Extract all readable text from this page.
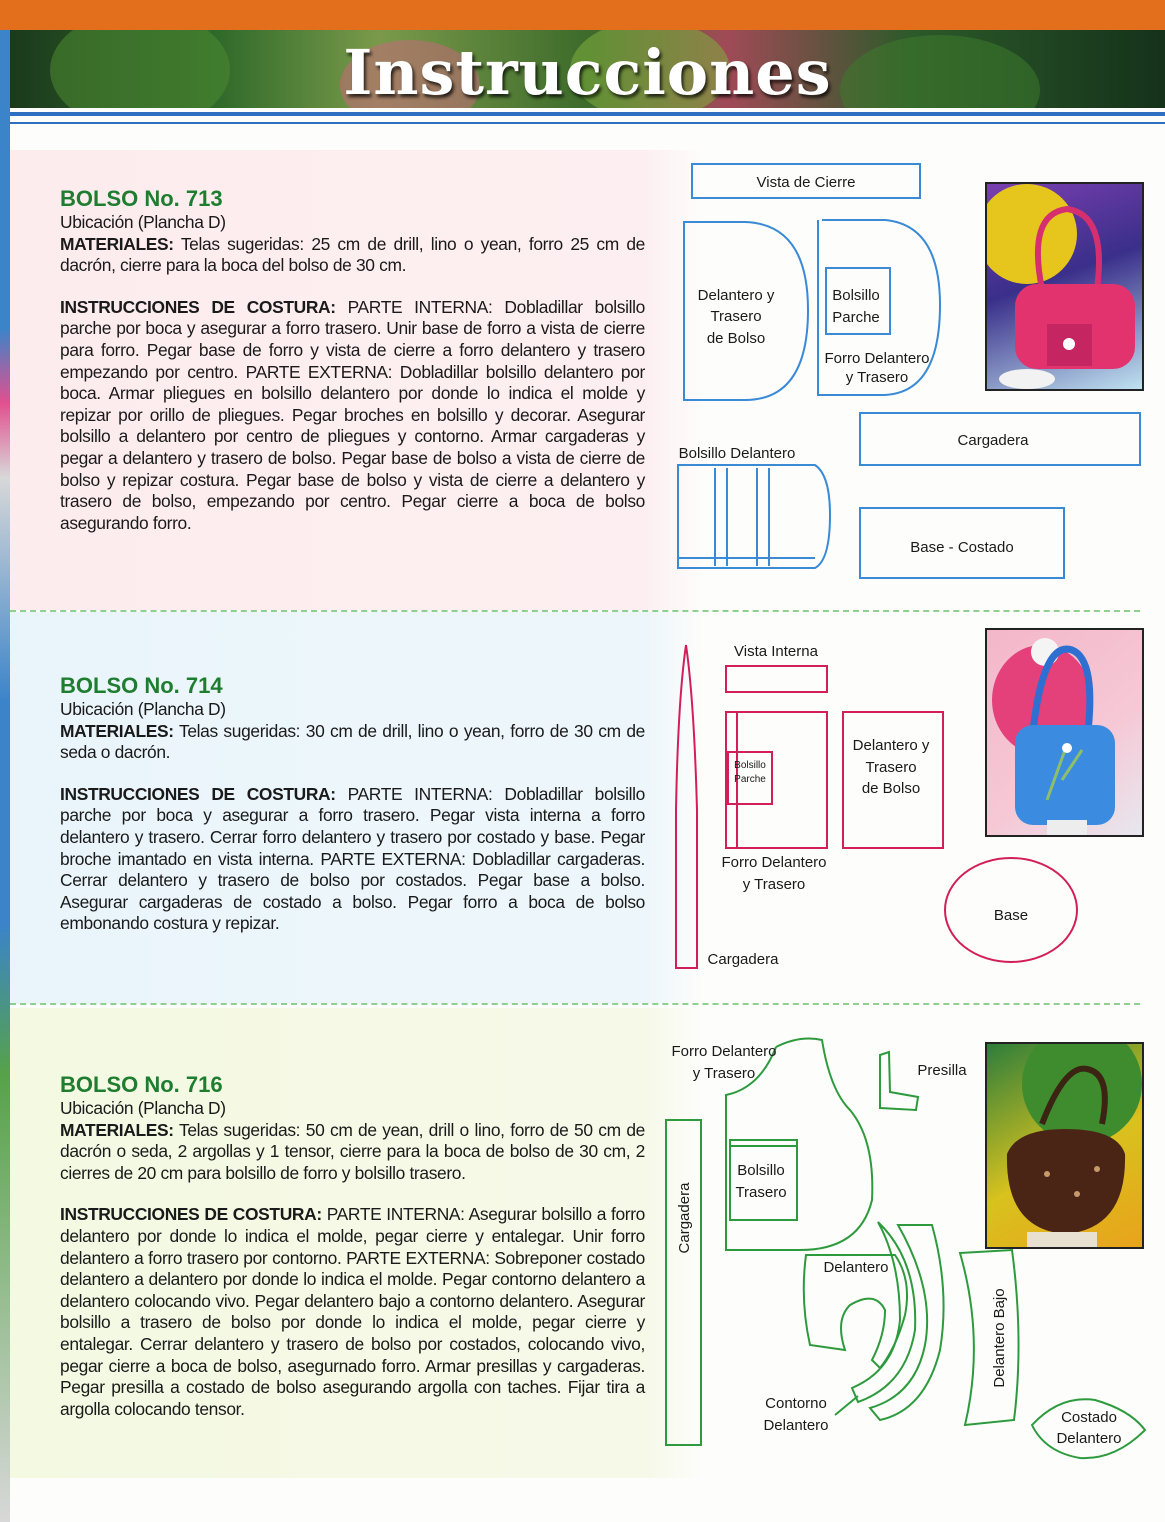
Instrucciones
BOLSO No. 713

Ubicación (Plancha D)

MATERIALES: Telas sugeridas: 25 cm de drill, lino o yean, forro 25 cm de dacrón, cierre para la boca del bolso de 30 cm.

INSTRUCCIONES DE COSTURA: PARTE INTERNA: Dobladillar bolsillo parche por boca y asegurar a forro trasero. Unir base de forro a vista de cierre para forro. Pegar base de forro y vista de cierre a forro delantero y trasero empezando por centro. PARTE EXTERNA: Dobladillar bolsillo delantero por boca. Armar pliegues en bolsillo delantero por donde lo indica el molde y repizar por orillo de pliegues. Pegar broches en bolsillo y decorar. Asegurar bolsillo a delantero por centro de pliegues y contorno. Armar cargaderas y pegar a delantero y trasero de bolso. Pegar base de bolso a vista de cierre de bolso y repizar costura. Pegar base de bolso y vista de cierre a delantero y trasero de bolso, empezando por centro. Pegar cierre a boca de bolso asegurando forro.

BOLSO No. 714

Ubicación (Plancha D)

MATERIALES: Telas sugeridas: 30 cm de drill, lino o yean, forro de 30 cm de seda o dacrón.

INSTRUCCIONES DE COSTURA: PARTE INTERNA: Dobladillar bolsillo parche por boca y asegurar a forro trasero. Pegar vista interna a forro delantero y trasero. Cerrar forro delantero y trasero por costado y base. Pegar broche imantado en vista interna. PARTE EXTERNA: Dobladillar cargaderas. Cerrar delantero y trasero de bolso por costados. Pegar base a bolso. Asegurar cargaderas de costado a bolso. Pegar forro a boca de bolso embonando costura y repizar.

BOLSO No. 716

Ubicación (Plancha D)

MATERIALES: Telas sugeridas: 50 cm de yean, drill o lino, forro de 50 cm de dacrón o seda, 2 argollas y 1 tensor, cierre para la boca de bolso de 30 cm, 2 cierres de 20 cm para bolsillo de forro y bolsillo trasero.

INSTRUCCIONES DE COSTURA: PARTE INTERNA: Asegurar bolsillo a forro delantero por donde lo indica el molde, pegar cierre y entalegar. Unir forro delantero a forro trasero por contorno. PARTE EXTERNA: Sobreponer costado delantero a delantero por donde lo indica el molde. Pegar contorno delantero a delantero colocando vivo. Pegar delantero bajo a contorno delantero. Asegurar bolsillo a trasero de bolso por donde lo indica el molde, pegar cierre y entalegar. Cerrar delantero y trasero de bolso por costados, colocando vivo, pegar cierre a boca de bolso, asegurnado forro. Armar presillas y cargaderas. Pegar presilla a costado de bolso asegurando argolla con taches. Fijar tira a argolla colocando tensor.

Vista de Cierre
Delantero y
Trasero
de Bolso
Bolsillo
Parche
Forro Delantero
y Trasero
Bolsillo Delantero
Cargadera
Base - Costado
Vista Interna
Bolsillo
Parche
Delantero y
Trasero
de Bolso
Forro Delantero
y Trasero
Base
Cargadera
Forro Delantero
y Trasero	Presilla
Bolsillo
Trasero
Cargadera
Delantero
Delantero Bajo
Contorno
Delantero	Costado
Delantero
